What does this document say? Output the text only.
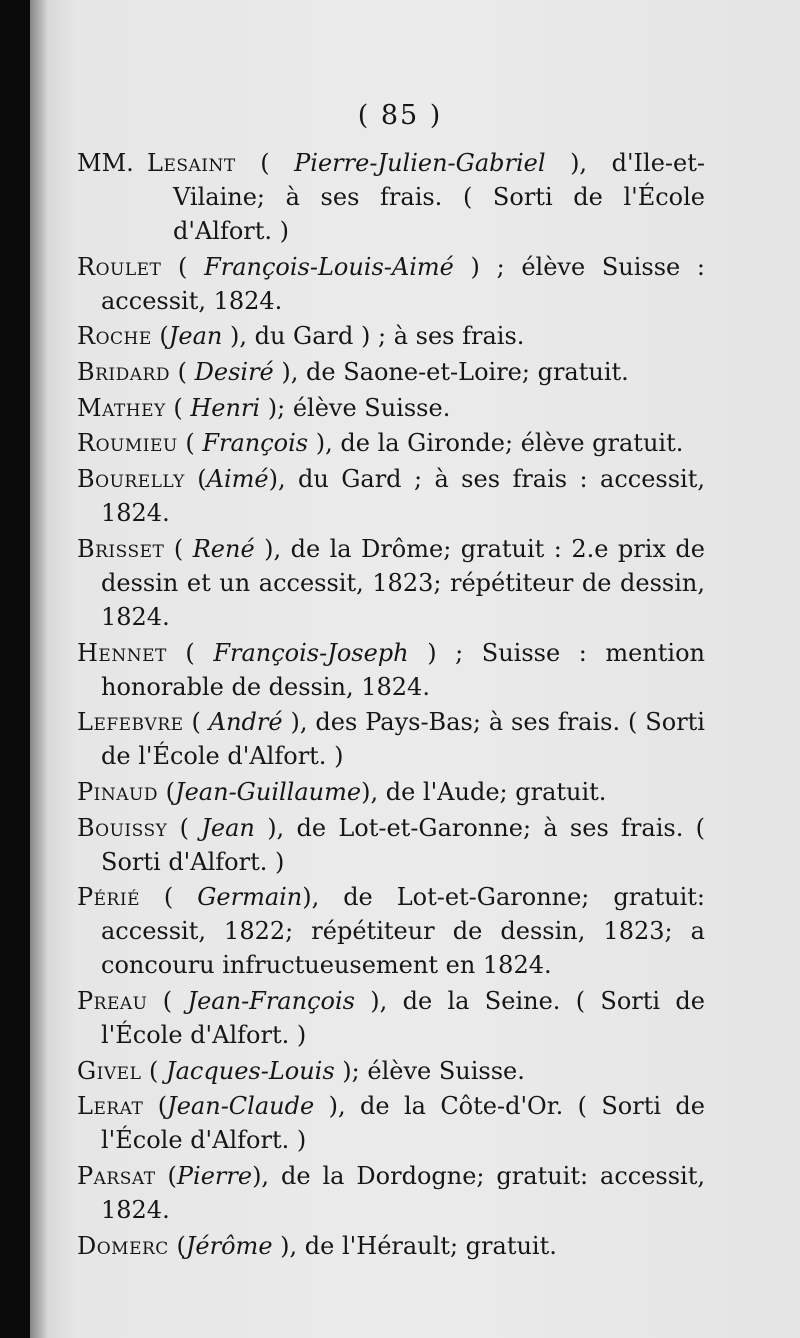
( 85 )

MM. Lesaint ( Pierre-Julien-Gabriel ), d'Ile-et-Vilaine; à ses frais. ( Sorti de l'École d'Alfort. )

Roulet ( François-Louis-Aimé ) ; élève Suisse : accessit, 1824.

Roche (Jean ), du Gard ) ; à ses frais.

Bridard ( Desiré ), de Saone-et-Loire; gratuit.

Mathey ( Henri ); élève Suisse.

Roumieu ( François ), de la Gironde; élève gratuit.

Bourelly (Aimé), du Gard ; à ses frais : accessit, 1824.

Brisset ( René ), de la Drôme; gratuit : 2.e prix de dessin et un accessit, 1823; répétiteur de dessin, 1824.

Hennet ( François-Joseph ) ; Suisse : mention honorable de dessin, 1824.

Lefebvre ( André ), des Pays-Bas; à ses frais. ( Sorti de l'École d'Alfort. )

Pinaud (Jean-Guillaume), de l'Aude; gratuit.

Bouissy ( Jean ), de Lot-et-Garonne; à ses frais. ( Sorti d'Alfort. )

Périé ( Germain), de Lot-et-Garonne; gratuit: accessit, 1822; répétiteur de dessin, 1823; a concouru infructueusement en 1824.

Preau ( Jean-François ), de la Seine. ( Sorti de l'École d'Alfort. )

Givel ( Jacques-Louis ); élève Suisse.

Lerat (Jean-Claude ), de la Côte-d'Or. ( Sorti de l'École d'Alfort. )

Parsat (Pierre), de la Dordogne; gratuit: accessit, 1824.

Domerc (Jérôme ), de l'Hérault; gratuit.
